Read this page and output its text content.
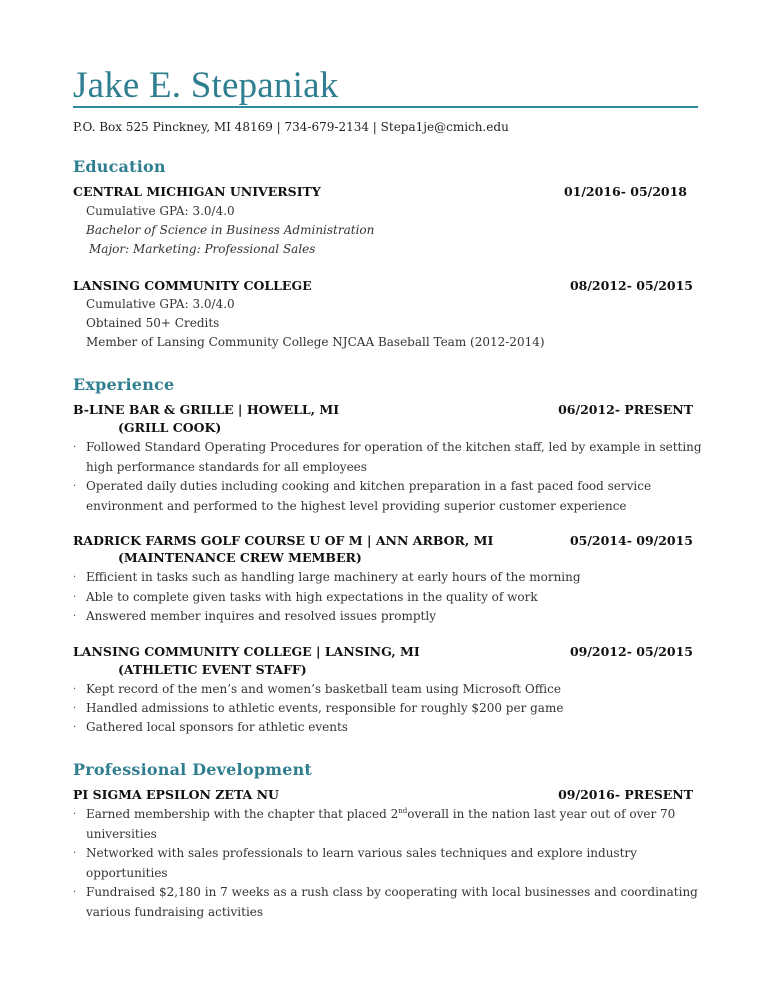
Jake E. Stepaniak
P.O. Box 525 Pinckney, MI 48169 | 734-679-2134 | Stepa1je@cmich.edu
Education
CENTRAL MICHIGAN UNIVERSITY	01/2016- 05/2018
Cumulative GPA: 3.0/4.0
Bachelor of Science in Business Administration
Major: Marketing: Professional Sales
LANSING COMMUNITY COLLEGE	08/2012- 05/2015
Cumulative GPA: 3.0/4.0
Obtained 50+ Credits
Member of Lansing Community College NJCAA Baseball Team (2012-2014)
Experience
B-LINE BAR & GRILLE | HOWELL, MI	06/2012- PRESENT
(GRILL COOK)
· Followed Standard Operating Procedures for operation of the kitchen staff, led by example in setting high performance standards for all employees
· Operated daily duties including cooking and kitchen preparation in a fast paced food service environment and performed to the highest level providing superior customer experience
RADRICK FARMS GOLF COURSE U OF M | ANN ARBOR, MI	05/2014- 09/2015
(MAINTENANCE CREW MEMBER)
· Efficient in tasks such as handling large machinery at early hours of the morning
· Able to complete given tasks with high expectations in the quality of work
· Answered member inquires and resolved issues promptly
LANSING COMMUNITY COLLEGE | LANSING, MI	09/2012- 05/2015
(ATHLETIC EVENT STAFF)
· Kept record of the men’s and women’s basketball team using Microsoft Office
· Handled admissions to athletic events, responsible for roughly $200 per game
· Gathered local sponsors for athletic events
Professional Development
PI SIGMA EPSILON ZETA NU	09/2016- PRESENT
· Earned membership with the chapter that placed 2ndoverall in the nation last year out of over 70 universities
· Networked with sales professionals to learn various sales techniques and explore industry opportunities
· Fundraised $2,180 in 7 weeks as a rush class by cooperating with local businesses and coordinating various fundraising activities
